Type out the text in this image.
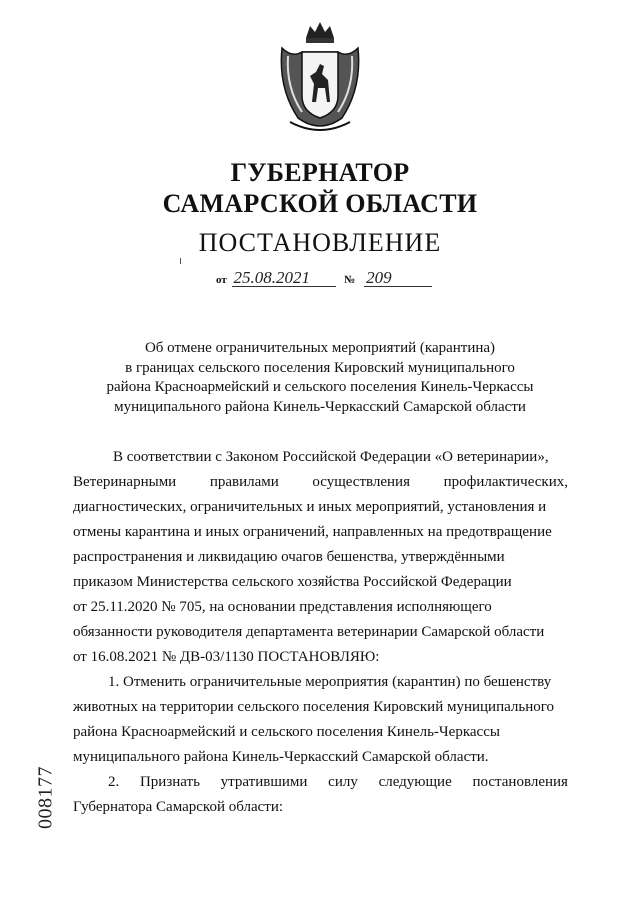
ГУБЕРНАТОР
САМАРСКОЙ ОБЛАСТИ
ПОСТАНОВЛЕНИЕ
от 25.08.2021	№ 209
Об отмене ограничительных мероприятий (карантина)
в границах сельского поселения Кировский муниципального
района Красноармейский и сельского поселения Кинель-Черкассы
муниципального района Кинель-Черкасский Самарской области
В соответствии с Законом Российской Федерации «О ветеринарии»,
Ветеринарными правилами осуществления профилактических,
диагностических, ограничительных и иных мероприятий, установления и
отмены карантина и иных ограничений, направленных на предотвращение
распространения и ликвидацию очагов бешенства, утверждёнными
приказом Министерства сельского хозяйства Российской Федерации
от 25.11.2020 № 705, на основании представления исполняющего
обязанности руководителя департамента ветеринарии Самарской области
от 16.08.2021 № ДВ-03/1130 ПОСТАНОВЛЯЮ:
1. Отменить ограничительные мероприятия (карантин) по бешенству
животных на территории сельского поселения Кировский муниципального
района Красноармейский и сельского поселения Кинель-Черкассы
муниципального района Кинель-Черкасский Самарской области.
2. Признать утратившими силу следующие постановления
Губернатора Самарской области:
008177
